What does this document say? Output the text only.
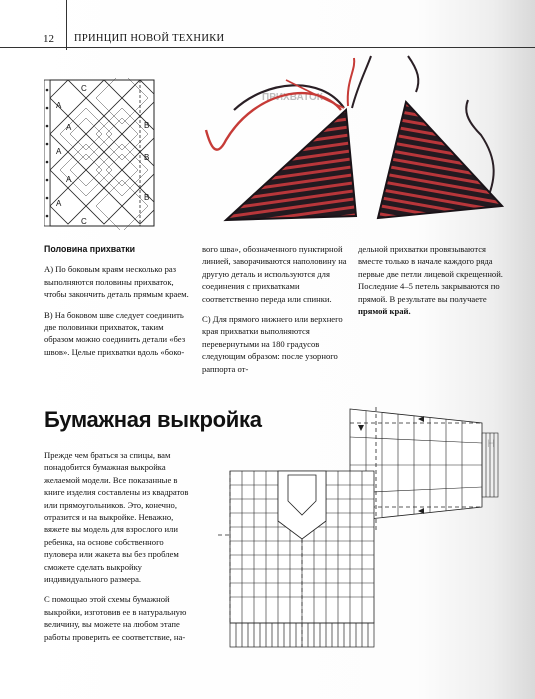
12 ПРИНЦИП НОВОЙ ТЕХНИКИ
ПРИХВАТОК
H
C
A
A	B
A
B
A
B
A
C

Половина прихватки

A) По боковым краям несколько раз выполняются половины прихваток, чтобы закончить деталь прямым краем.

B) На боковом шве следует соединить две половинки прихваток, таким образом можно соединить детали «без швов». Целые прихватки вдоль «боко-

вого шва», обозначенного пунктирной линией, заворачиваются наполовину на другую деталь и используются для соединения с прихватками соответственно переда или спинки.

C) Для прямого нижнего или верхнего края прихватки выполняются перевернутыми на 180 градусов следующим образом: после узорного раппорта от-

дельной прихватки провязываются вместе только в начале каждого ряда первые две петли лицевой скрещенной. Последние 4–5 петель закрываются по прямой. В результате вы получаете прямой край.

Бумажная выкройка

Прежде чем браться за спицы, вам понадобится бумажная выкройка желаемой модели. Все показанные в книге изделия составлены из квадратов или прямоугольников. Это, конечно, отразится и на выкройке. Неважно, вяжете вы модель для взрослого или ребенка, на основе собственного пуловера или жакета вы без проблем сможете сделать выкройку индивидуального размера.

С помощью этой схемы бумажной выкройки, изготовив ее в натуральную величину, вы можете на любом этапе работы проверить ее соответствие, на-
